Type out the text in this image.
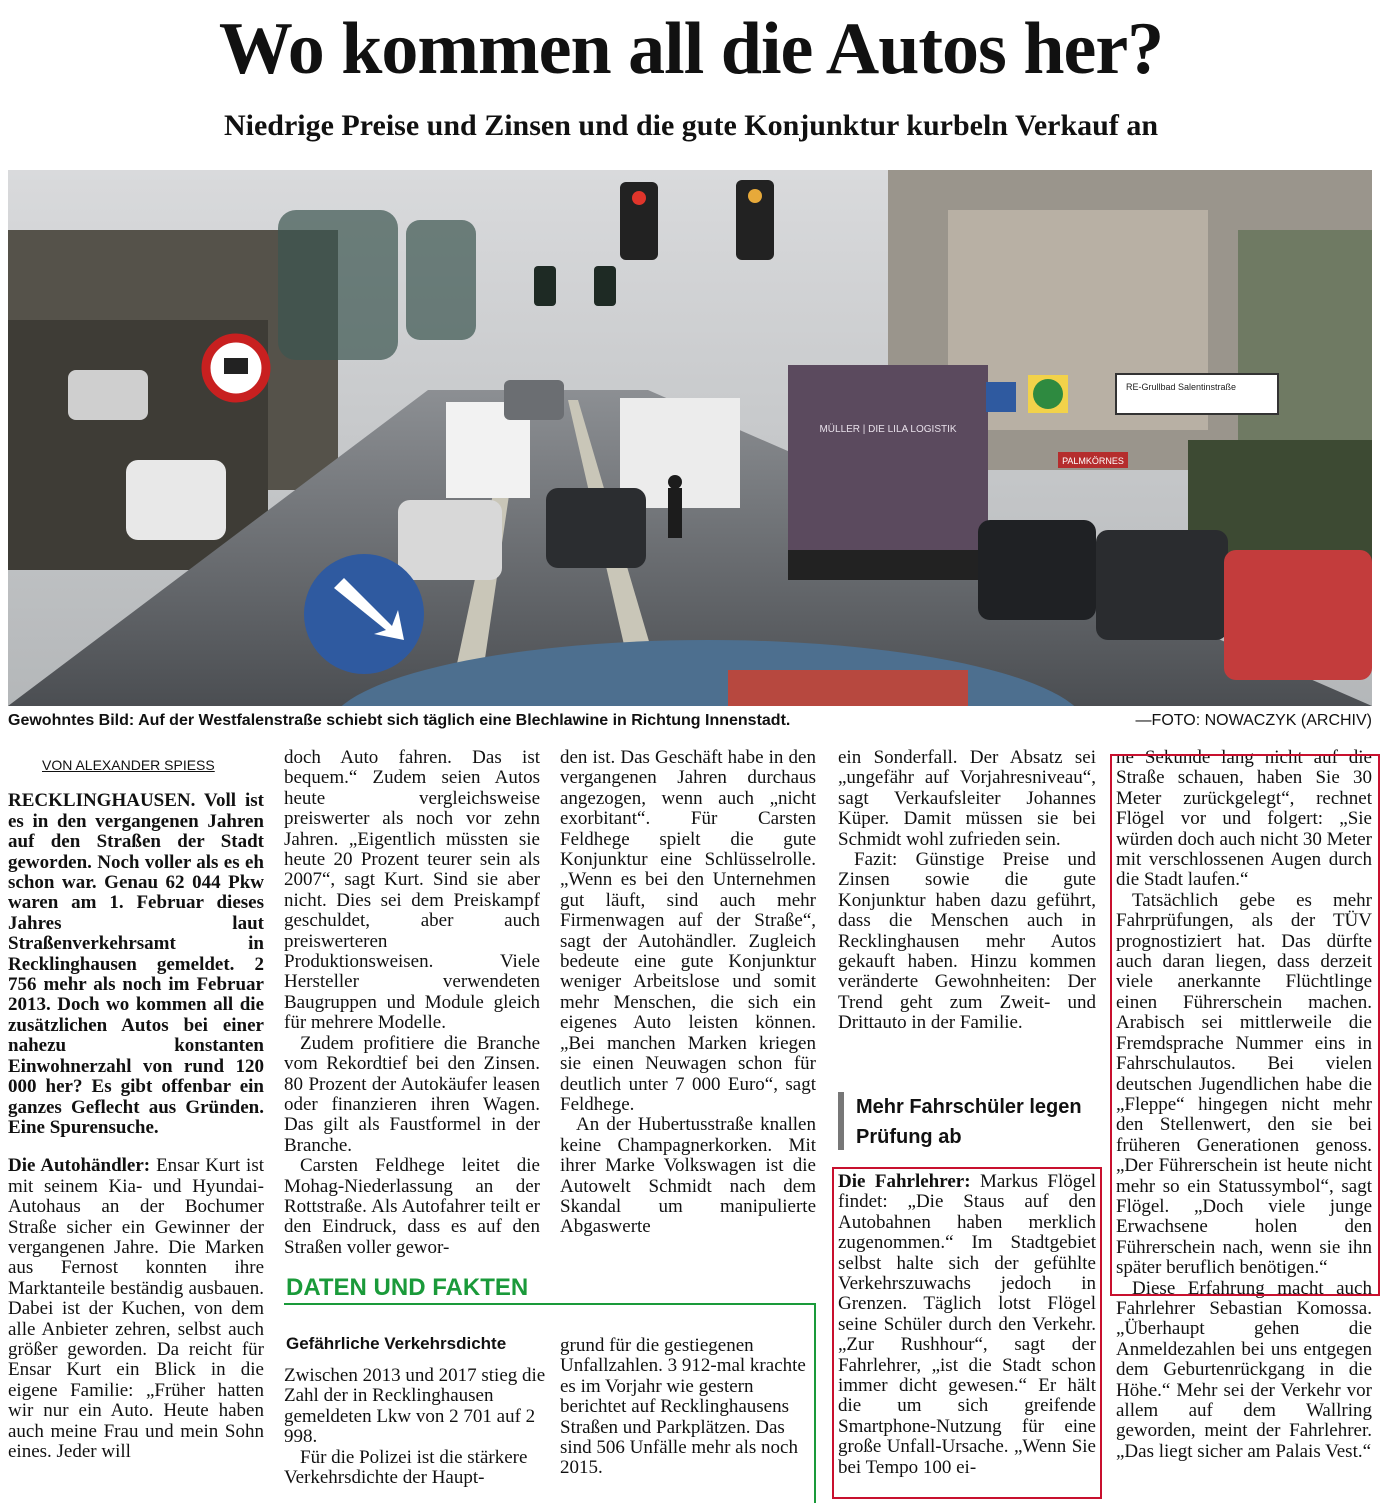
Wo kommen all die Autos her?
Niedrige Preise und Zinsen und die gute Konjunktur kurbeln Verkauf an
MÜLLER | DIE LILA LOGISTIK
RE-Grullbad Salentinstraße
PALMKÖRNES
Gewohntes Bild: Auf der Westfalenstraße schiebt sich täglich eine Blechlawine in Richtung Innenstadt.	—FOTO: NOWACZYK (ARCHIV)
VON ALEXANDER SPIESS

RECKLINGHAUSEN. Voll ist es in den vergangenen Jahren auf den Straßen der Stadt geworden. Noch voller als es eh schon war. Genau 62 044 Pkw waren am 1. Februar dieses Jahres laut Straßenverkehrsamt in Recklinghausen gemeldet. 2 756 mehr als noch im Februar 2013. Doch wo kommen all die zusätzlichen Autos bei einer nahezu konstanten Einwohnerzahl von rund 120 000 her? Es gibt offenbar ein ganzes Geflecht aus Gründen. Eine Spurensuche.

Die Autohändler: Ensar Kurt ist mit seinem Kia- und Hyundai-Autohaus an der Bochumer Straße sicher ein Gewinner der vergangenen Jahre. Die Marken aus Fernost konnten ihre Marktanteile beständig ausbauen. Dabei ist der Kuchen, von dem alle Anbieter zehren, selbst auch größer geworden. Da reicht für Ensar Kurt ein Blick in die eigene Familie: „Früher hatten wir nur ein Auto. Heute haben auch meine Frau und mein Sohn eines. Jeder will

doch Auto fahren. Das ist bequem.“ Zudem seien Autos heute vergleichsweise preiswerter als noch vor zehn Jahren. „Eigentlich müssten sie heute 20 Prozent teurer sein als 2007“, sagt Kurt. Sind sie aber nicht. Dies sei dem Preiskampf geschuldet, aber auch preiswerteren Produktionsweisen. Viele Hersteller verwendeten Baugruppen und Module gleich für mehrere Modelle.

Zudem profitiere die Branche vom Rekordtief bei den Zinsen. 80 Prozent der Autokäufer leasen oder finanzieren ihren Wagen. Das gilt als Faustformel in der Branche.

Carsten Feldhege leitet die Mohag-Niederlassung an der Rottstraße. Als Autofahrer teilt er den Eindruck, dass es auf den Straßen voller gewor-

den ist. Das Geschäft habe in den vergangenen Jahren durchaus angezogen, wenn auch „nicht exorbitant“. Für Carsten Feldhege spielt die gute Konjunktur eine Schlüsselrolle. „Wenn es bei den Unternehmen gut läuft, sind auch mehr Firmenwagen auf der Straße“, sagt der Autohändler. Zugleich bedeute eine gute Konjunktur weniger Arbeitslose und somit mehr Menschen, die sich ein eigenes Auto leisten können. „Bei manchen Marken kriegen sie einen Neuwagen schon für deutlich unter 7 000 Euro“, sagt Feldhege.

An der Hubertusstraße knallen keine Champagnerkorken. Mit ihrer Marke Volkswagen ist die Autowelt Schmidt nach dem Skandal um manipulierte Abgaswerte

ein Sonderfall. Der Absatz sei „ungefähr auf Vorjahresniveau“, sagt Verkaufsleiter Johannes Küper. Damit müssen sie bei Schmidt wohl zufrieden sein.

Fazit: Günstige Preise und Zinsen sowie die gute Konjunktur haben dazu geführt, dass die Menschen auch in Recklinghausen mehr Autos gekauft haben. Hinzu kommen veränderte Gewohnheiten: Der Trend geht zum Zweit- und Drittauto in der Familie.

Mehr Fahrschüler legen Prüfung ab

Die Fahrlehrer: Markus Flögel findet: „Die Staus auf den Autobahnen haben merklich zugenommen.“ Im Stadtgebiet selbst halte sich der gefühlte Verkehrszuwachs jedoch in Grenzen. Täglich lotst Flögel seine Schüler durch den Verkehr. „Zur Rushhour“, sagt der Fahrlehrer, „ist die Stadt schon immer dicht gewesen.“ Er hält die um sich greifende Smartphone-Nutzung für eine große Unfall-Ursache. „Wenn Sie bei Tempo 100 ei-

ne Sekunde lang nicht auf die Straße schauen, haben Sie 30 Meter zurückgelegt“, rechnet Flögel vor und folgert: „Sie würden doch auch nicht 30 Meter mit verschlossenen Augen durch die Stadt laufen.“

Tatsächlich gebe es mehr Fahrprüfungen, als der TÜV prognostiziert hat. Das dürfte auch daran liegen, dass derzeit viele anerkannte Flüchtlinge einen Führerschein machen. Arabisch sei mittlerweile die Fremdsprache Nummer eins in Fahrschulautos. Bei vielen deutschen Jugendlichen habe die „Fleppe“ hingegen nicht mehr den Stellenwert, den sie bei früheren Generationen genoss. „Der Führerschein ist heute nicht mehr so ein Statussymbol“, sagt Flögel. „Doch viele junge Erwachsene holen den Führerschein nach, wenn sie ihn später beruflich benötigen.“

Diese Erfahrung macht auch Fahrlehrer Sebastian Komossa. „Überhaupt gehen die Anmeldezahlen bei uns entgegen dem Geburtenrückgang in die Höhe.“ Mehr sei der Verkehr vor allem auf dem Wallring geworden, meint der Fahrlehrer. „Das liegt sicher am Palais Vest.“

DATEN UND FAKTEN
Gefährliche Verkehrsdichte

Zwischen 2013 und 2017 stieg die Zahl der in Recklinghausen gemeldeten Lkw von 2 701 auf 2 998.

Für die Polizei ist die stärkere Verkehrsdichte der Haupt-

grund für die gestiegenen Unfallzahlen. 3 912-mal krachte es im Vorjahr wie gestern berichtet auf Recklinghausens Straßen und Parkplätzen. Das sind 506 Unfälle mehr als noch 2015.
